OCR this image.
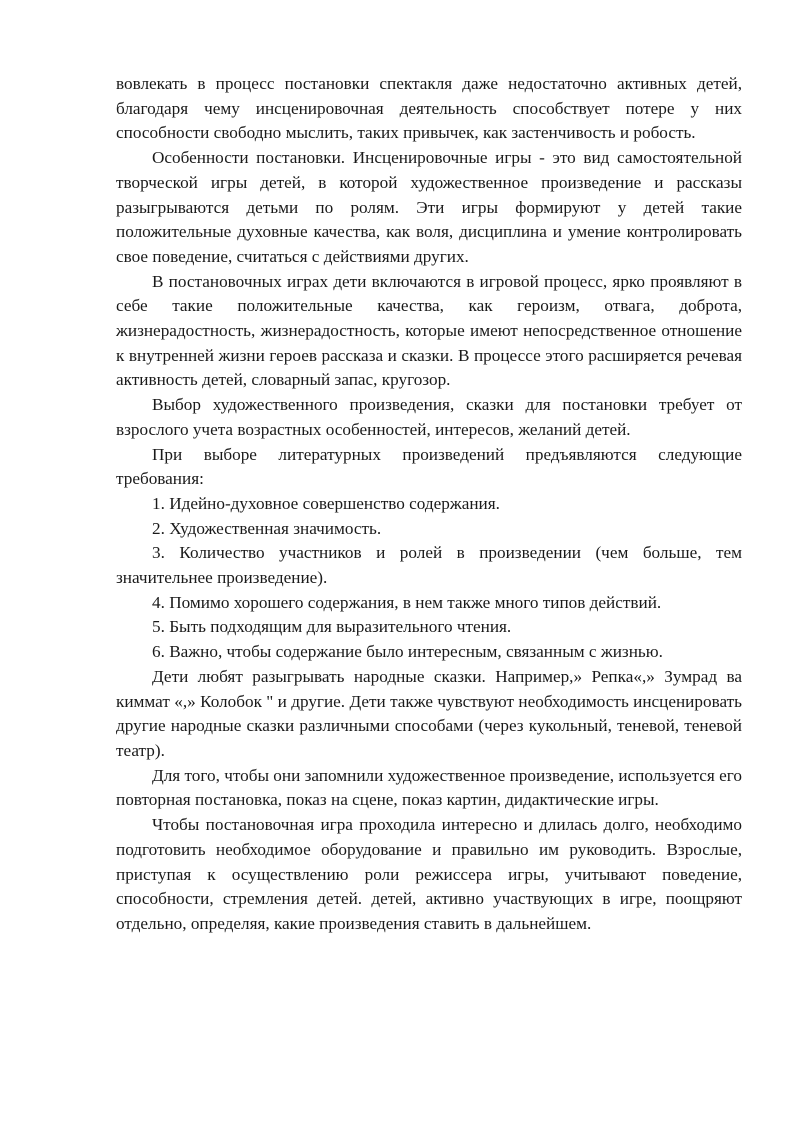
вовлекать в процесс постановки спектакля даже недостаточно активных детей, благодаря чему инсценировочная деятельность способствует потере у них способности свободно мыслить, таких привычек, как застенчивость и робость.

Особенности постановки. Инсценировочные игры - это вид самостоятельной творческой игры детей, в которой художественное произведение и рассказы разыгрываются детьми по ролям. Эти игры формируют у детей такие положительные духовные качества, как воля, дисциплина и умение контролировать свое поведение, считаться с действиями других.

В постановочных играх дети включаются в игровой процесс, ярко проявляют в себе такие положительные качества, как героизм, отвага, доброта, жизнерадостность, жизнерадостность, которые имеют непосредственное отношение к внутренней жизни героев рассказа и сказки. В процессе этого расширяется речевая активность детей, словарный запас, кругозор.

Выбор художественного произведения, сказки для постановки требует от взрослого учета возрастных особенностей, интересов, желаний детей.

При выборе литературных произведений предъявляются следующие требования:

1. Идейно-духовное совершенство содержания.

2. Художественная значимость.

3. Количество участников и ролей в произведении (чем больше, тем значительнее произведение).

4. Помимо хорошего содержания, в нем также много типов действий.

5. Быть подходящим для выразительного чтения.

6. Важно, чтобы содержание было интересным, связанным с жизнью.

Дети любят разыгрывать народные сказки. Например,» Репка«,» Зумрад ва киммат «,» Колобок " и другие. Дети также чувствуют необходимость инсценировать другие народные сказки различными способами (через кукольный, теневой, теневой театр).

Для того, чтобы они запомнили художественное произведение, используется его повторная постановка, показ на сцене, показ картин, дидактические игры.

Чтобы постановочная игра проходила интересно и длилась долго, необходимо подготовить необходимое оборудование и правильно им руководить. Взрослые, приступая к осуществлению роли режиссера игры, учитывают поведение, способности, стремления детей. детей, активно участвующих в игре, поощряют отдельно, определяя, какие произведения ставить в дальнейшем.
